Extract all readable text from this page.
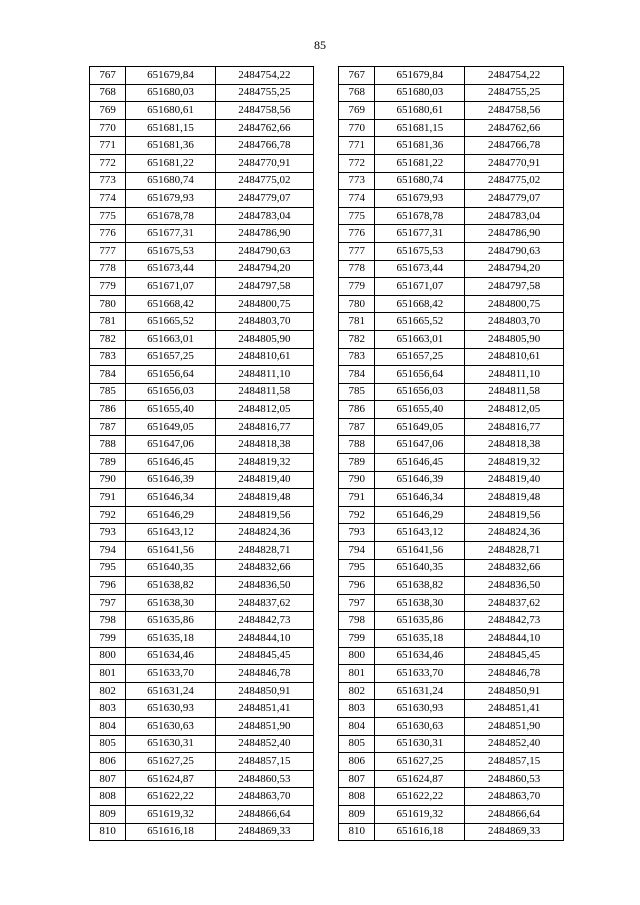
85
767	651679,84	2484754,22
768	651680,03	2484755,25
769	651680,61	2484758,56
770	651681,15	2484762,66
771	651681,36	2484766,78
772	651681,22	2484770,91
773	651680,74	2484775,02
774	651679,93	2484779,07
775	651678,78	2484783,04
776	651677,31	2484786,90
777	651675,53	2484790,63
778	651673,44	2484794,20
779	651671,07	2484797,58
780	651668,42	2484800,75
781	651665,52	2484803,70
782	651663,01	2484805,90
783	651657,25	2484810,61
784	651656,64	2484811,10
785	651656,03	2484811,58
786	651655,40	2484812,05
787	651649,05	2484816,77
788	651647,06	2484818,38
789	651646,45	2484819,32
790	651646,39	2484819,40
791	651646,34	2484819,48
792	651646,29	2484819,56
793	651643,12	2484824,36
794	651641,56	2484828,71
795	651640,35	2484832,66
796	651638,82	2484836,50
797	651638,30	2484837,62
798	651635,86	2484842,73
799	651635,18	2484844,10
800	651634,46	2484845,45
801	651633,70	2484846,78
802	651631,24	2484850,91
803	651630,93	2484851,41
804	651630,63	2484851,90
805	651630,31	2484852,40
806	651627,25	2484857,15
807	651624,87	2484860,53
808	651622,22	2484863,70
809	651619,32	2484866,64
810	651616,18	2484869,33
767	651679,84	2484754,22
768	651680,03	2484755,25
769	651680,61	2484758,56
770	651681,15	2484762,66
771	651681,36	2484766,78
772	651681,22	2484770,91
773	651680,74	2484775,02
774	651679,93	2484779,07
775	651678,78	2484783,04
776	651677,31	2484786,90
777	651675,53	2484790,63
778	651673,44	2484794,20
779	651671,07	2484797,58
780	651668,42	2484800,75
781	651665,52	2484803,70
782	651663,01	2484805,90
783	651657,25	2484810,61
784	651656,64	2484811,10
785	651656,03	2484811,58
786	651655,40	2484812,05
787	651649,05	2484816,77
788	651647,06	2484818,38
789	651646,45	2484819,32
790	651646,39	2484819,40
791	651646,34	2484819,48
792	651646,29	2484819,56
793	651643,12	2484824,36
794	651641,56	2484828,71
795	651640,35	2484832,66
796	651638,82	2484836,50
797	651638,30	2484837,62
798	651635,86	2484842,73
799	651635,18	2484844,10
800	651634,46	2484845,45
801	651633,70	2484846,78
802	651631,24	2484850,91
803	651630,93	2484851,41
804	651630,63	2484851,90
805	651630,31	2484852,40
806	651627,25	2484857,15
807	651624,87	2484860,53
808	651622,22	2484863,70
809	651619,32	2484866,64
810	651616,18	2484869,33
